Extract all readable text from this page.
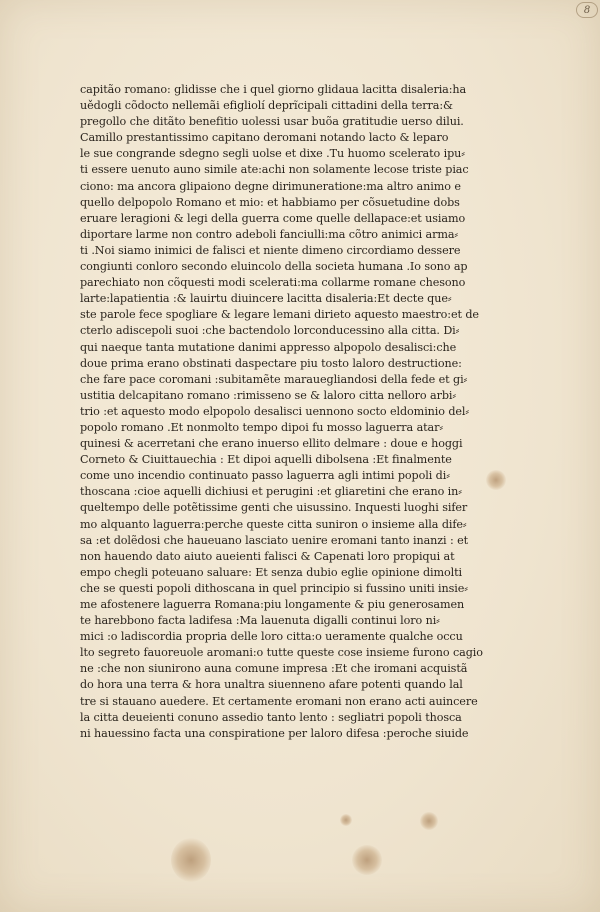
8
capitão romano: glidisse che i quel giorno glidaua lacitta disaleria:ha
uědogli cõdocto nellemãi efigliolí deprĩcipali cittadini della terra:&
pregollo che ditãto benefitio uolessi usar buõa gratitudie uerso dilui.
Camillo prestantissimo capitano deromani notando lacto & leparo
le sue congrande sdegno segli uolse et dixe .Tu huomo scelerato ipu⸗
ti essere uenuto auno simile ate:achi non solamente lecose triste piac
ciono: ma ancora glipaiono degne dirimuneratione:ma altro animo e
quello delpopolo Romano et mio: et habbiamo per cõsuetudine dobs
eruare leragioni & legi della guerra come quelle dellapace:et usiamo
diportare larme non contro adeboli fanciulli:ma cõtro animici arma⸗
ti .Noi siamo inimici de falisci et niente dimeno circordiamo dessere
congiunti conloro secondo eluincolo della societa humana .Io sono ap
parechiato non cõquesti modi scelerati:ma collarme romane chesono
larte:lapatientia :& lauirtu diuincere lacitta disaleria:Et decte que⸗
ste parole fece spogliare & legare lemani dirieto aquesto maestro:et de
cterlo adiscepoli suoi :che bactendolo lorconducessino alla citta. Di⸗
qui naeque tanta mutatione danimi appresso alpopolo desalisci:che
doue prima erano obstinati daspectare piu tosto laloro destructione:
che fare pace coromani :subitamẽte marauegliandosi della fede et gi⸗
ustitia delcapitano romano :rimisseno se & laloro citta nelloro arbi⸗
trio :et aquesto modo elpopolo desalisci uennono socto eldominio del⸗
popolo romano .Et nonmolto tempo dipoi fu mosso laguerra atar⸗
quinesi & acerretani che erano inuerso ellito delmare : doue e hoggi
Corneto & Ciuittauechia : Et dipoi aquelli dibolsena :Et finalmente
come uno incendio continuato passo laguerra agli intimi popoli di⸗
thoscana :cioe aquelli dichiusi et perugini :et gliaretini che erano in⸗
queltempo delle potẽtissime genti che uisussino. Inquesti luoghi sifer
mo alquanto laguerra:perche queste citta suniron o insieme alla dife⸗
sa :et dolẽdosi che haueuano lasciato uenire eromani tanto inanzi : et
non hauendo dato aiuto aueienti falisci & Capenati loro propiqui at
empo chegli poteuano saluare: Et senza dubio eglie opinione dimolti
che se questi popoli dithoscana in quel principio si fussino uniti insie⸗
me afostenere laguerra Romana:piu longamente & piu generosamen
te harebbono facta ladifesa :Ma lauenuta digalli continui loro ni⸗
mici :o ladiscordia propria delle loro citta:o ueramente qualche occu
lto segreto fauoreuole aromani:o tutte queste cose insieme furono cagio
ne :che non siunirono auna comune impresa :Et che iromani acquistã
do hora una terra & hora unaltra siuenneno afare potenti quando lal
tre si stauano auedere. Et certamente eromani non erano acti auincere
la citta deueienti conuno assedio tanto lento : segliatri popoli thosca
ni hauessino facta una conspiratione per laloro difesa :peroche siuide
